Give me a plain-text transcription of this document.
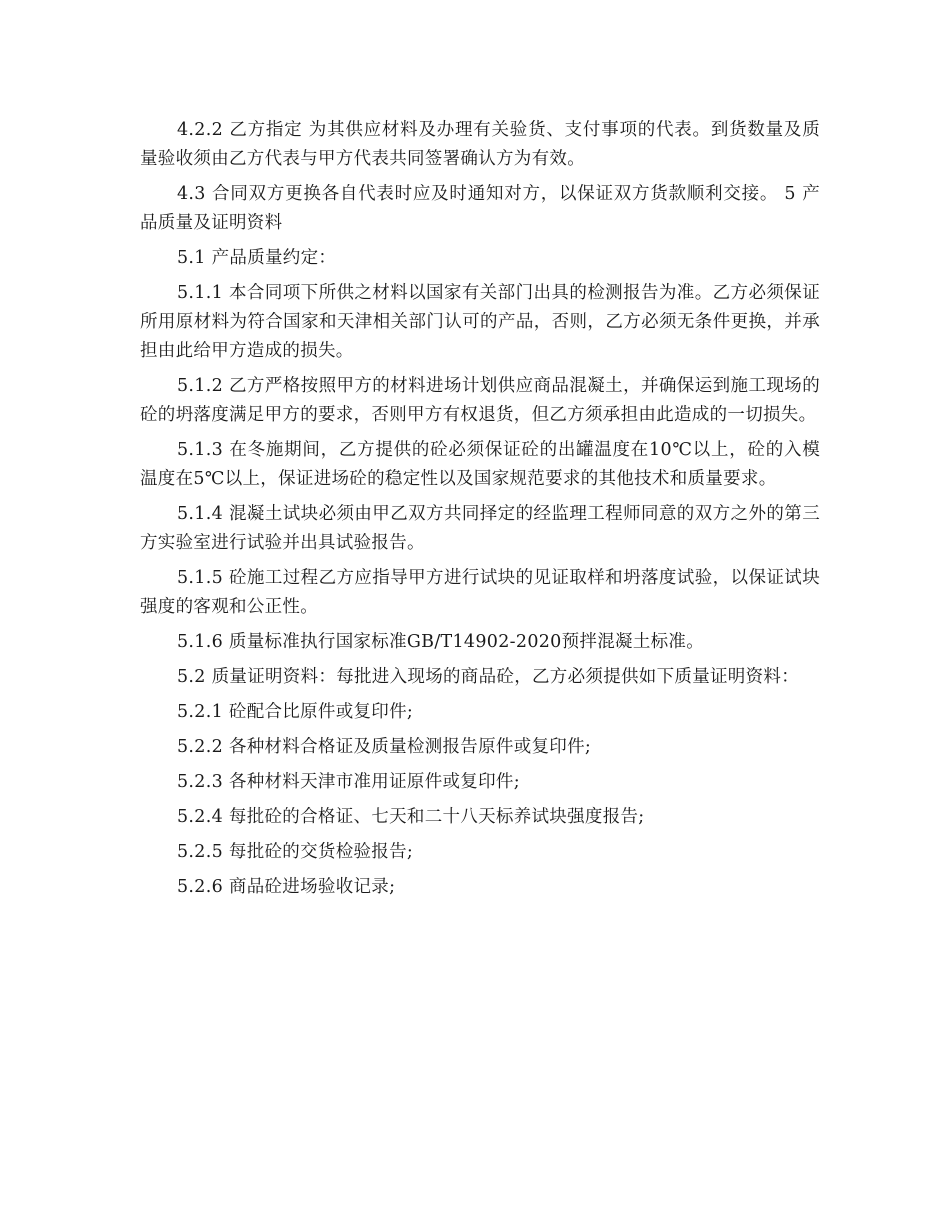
4.2.2 乙方指定 为其供应材料及办理有关验货、支付事项的代表。到货数量及质量验收须由乙方代表与甲方代表共同签署确认方为有效。

4.3 合同双方更换各自代表时应及时通知对方，以保证双方货款顺利交接。 5 产品质量及证明资料

5.1 产品质量约定：

5.1.1 本合同项下所供之材料以国家有关部门出具的检测报告为准。乙方必须保证所用原材料为符合国家和天津相关部门认可的产品，否则，乙方必须无条件更换，并承担由此给甲方造成的损失。

5.1.2 乙方严格按照甲方的材料进场计划供应商品混凝土，并确保运到施工现场的砼的坍落度满足甲方的要求，否则甲方有权退货，但乙方须承担由此造成的一切损失。

5.1.3 在冬施期间，乙方提供的砼必须保证砼的出罐温度在10℃以上，砼的入模温度在5℃以上，保证进场砼的稳定性以及国家规范要求的其他技术和质量要求。

5.1.4 混凝土试块必须由甲乙双方共同择定的经监理工程师同意的双方之外的第三方实验室进行试验并出具试验报告。

5.1.5 砼施工过程乙方应指导甲方进行试块的见证取样和坍落度试验，以保证试块强度的客观和公正性。

5.1.6 质量标准执行国家标准GB/T14902-2020预拌混凝土标准。

5.2 质量证明资料：每批进入现场的商品砼，乙方必须提供如下质量证明资料：

5.2.1 砼配合比原件或复印件;

5.2.2 各种材料合格证及质量检测报告原件或复印件;

5.2.3 各种材料天津市准用证原件或复印件;

5.2.4 每批砼的合格证、七天和二十八天标养试块强度报告;

5.2.5 每批砼的交货检验报告;

5.2.6 商品砼进场验收记录;
